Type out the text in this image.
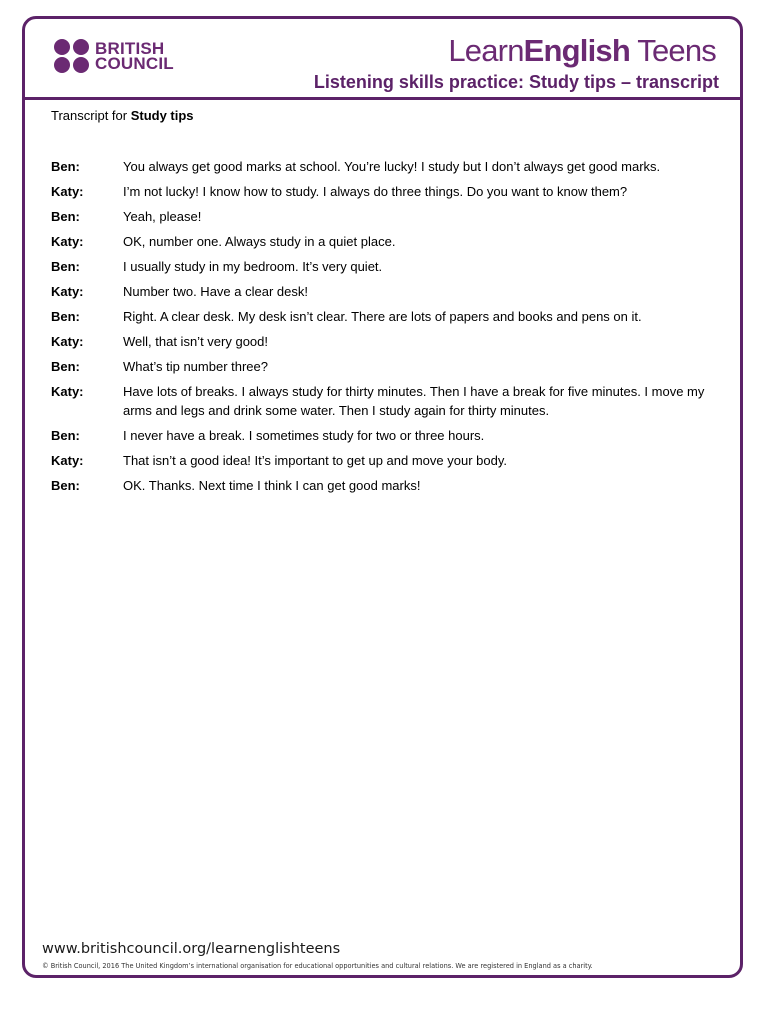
BRITISH
COUNCIL	LearnEnglish Teens
Listening skills practice: Study tips – transcript
Transcript for Study tips
Ben:	You always get good marks at school. You’re lucky! I study but I don’t always get good marks.
Katy:	I’m not lucky! I know how to study. I always do three things. Do you want to know them?
Ben:	Yeah, please!
Katy:	OK, number one. Always study in a quiet place.
Ben:	I usually study in my bedroom. It’s very quiet.
Katy:	Number two. Have a clear desk!
Ben:	Right. A clear desk. My desk isn’t clear. There are lots of papers and books and pens on it.
Katy:	Well, that isn’t very good!
Ben:	What’s tip number three?
Katy:	Have lots of breaks. I always study for thirty minutes. Then I have a break for five minutes. I move my arms and legs and drink some water. Then I study again for thirty minutes.
Ben:	I never have a break. I sometimes study for two or three hours.
Katy:	That isn’t a good idea! It’s important to get up and move your body.
Ben:	OK. Thanks. Next time I think I can get good marks!
www.britishcouncil.org/learnenglishteens
© British Council, 2016 The United Kingdom’s international organisation for educational opportunities and cultural relations. We are registered in England as a charity.
